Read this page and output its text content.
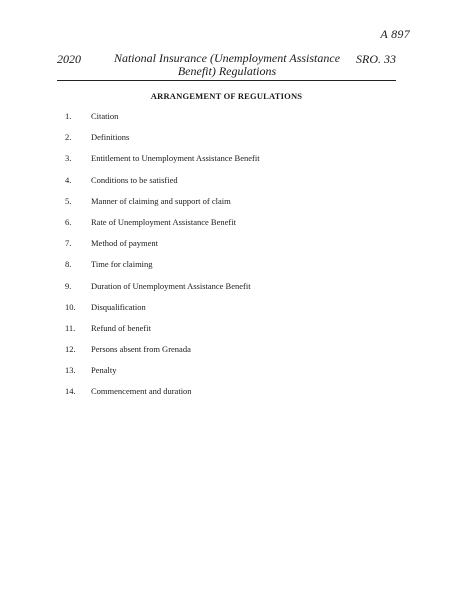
A 897
2020	National Insurance (Unemployment Assistance
Benefit) Regulations
SRO. 33
ARRANGEMENT OF REGULATIONS
1.	Citation
2.	Definitions
3.	Entitlement to Unemployment Assistance Benefit
4.	Conditions to be satisfied
5.	Manner of claiming and support of claim
6.	Rate of Unemployment Assistance Benefit
7.	Method of payment
8.	Time for claiming
9.	Duration of Unemployment Assistance Benefit
10.	Disqualification
11.	Refund of benefit
12.	Persons absent from Grenada
13.	Penalty
14.	Commencement and duration
